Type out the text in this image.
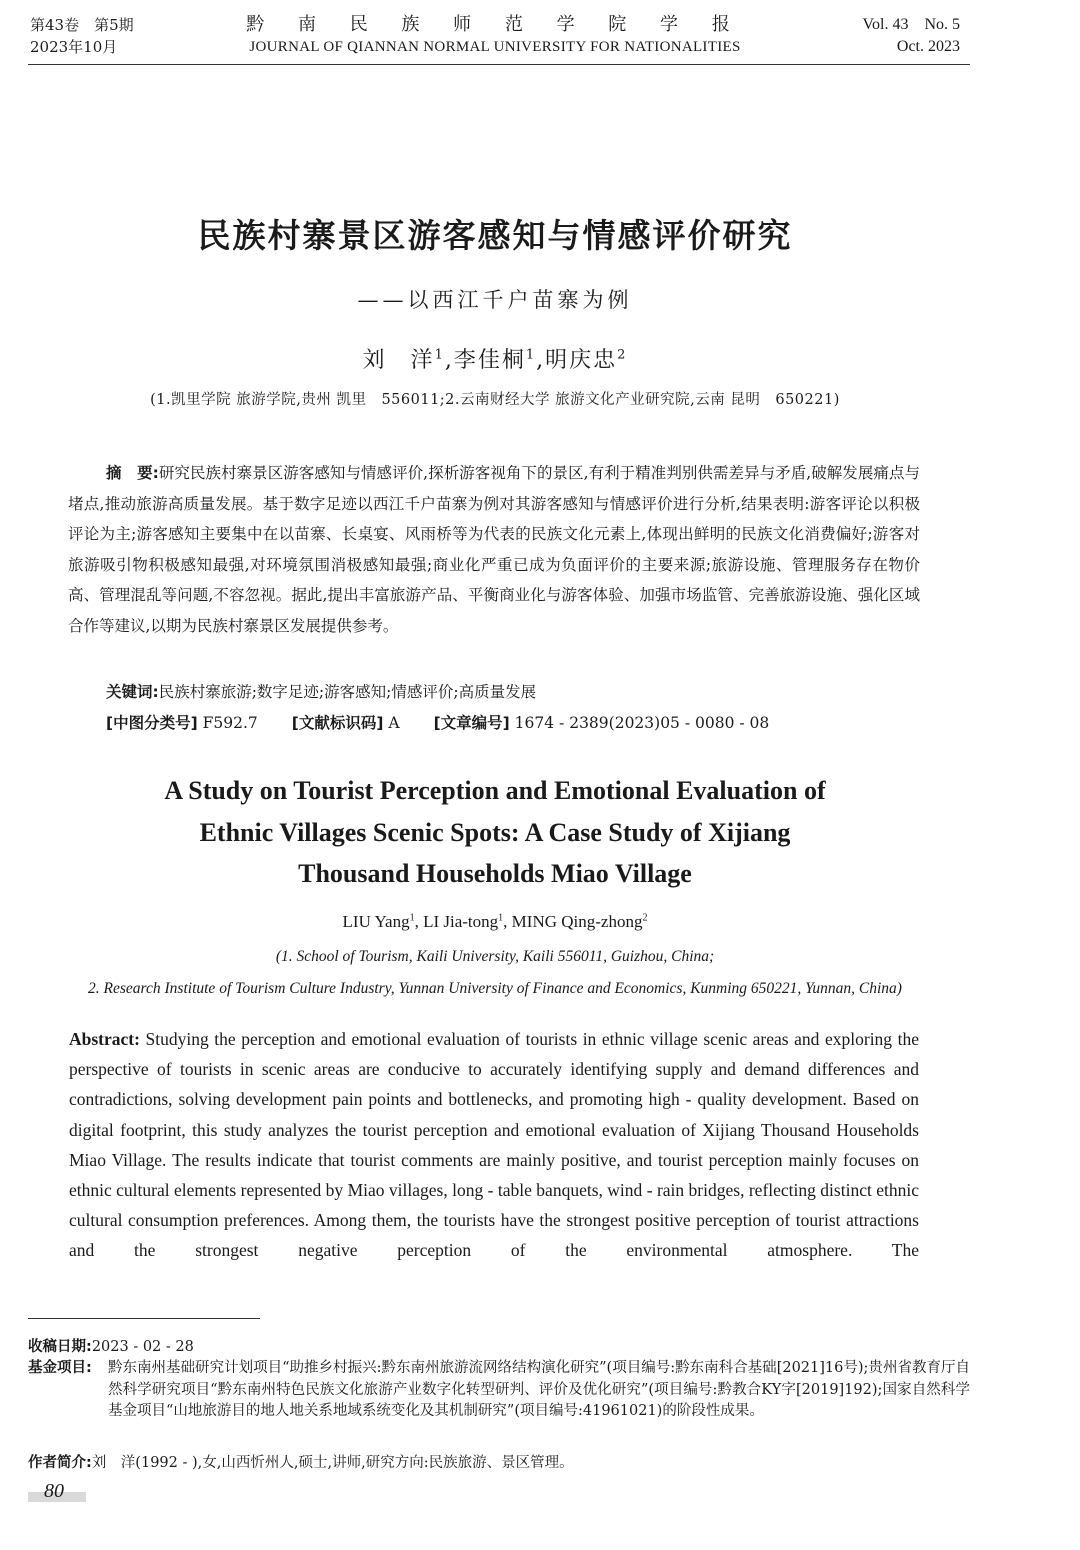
第43卷　第5期
2023年10月
黔 南 民 族 师 范 学 院 学 报
JOURNAL OF QIANNAN NORMAL UNIVERSITY FOR NATIONALITIES
Vol. 43　No. 5
Oct. 2023
民族村寨景区游客感知与情感评价研究
——以西江千户苗寨为例
刘　洋$^1$,李佳桐$^1$,明庆忠$^2$
(1.凯里学院 旅游学院,贵州 凯里　556011;2.云南财经大学 旅游文化产业研究院,云南 昆明　650221)
摘　要:研究民族村寨景区游客感知与情感评价,探析游客视角下的景区,有利于精准判别供需差异与矛盾,破解发展痛点与堵点,推动旅游高质量发展。基于数字足迹以西江千户苗寨为例对其游客感知与情感评价进行分析,结果表明:游客评论以积极评论为主;游客感知主要集中在以苗寨、长桌宴、风雨桥等为代表的民族文化元素上,体现出鲜明的民族文化消费偏好;游客对旅游吸引物积极感知最强,对环境氛围消极感知最强;商业化严重已成为负面评价的主要来源;旅游设施、管理服务存在物价高、管理混乱等问题,不容忽视。据此,提出丰富旅游产品、平衡商业化与游客体验、加强市场监管、完善旅游设施、强化区域合作等建议,以期为民族村寨景区发展提供参考。
关键词:民族村寨旅游;数字足迹;游客感知;情感评价;高质量发展
[中图分类号] F592.7 [文献标识码] A [文章编号] 1674 - 2389(2023)05 - 0080 - 08
A Study on Tourist Perception and Emotional Evaluation of
Ethnic Villages Scenic Spots: A Case Study of Xijiang
Thousand Households Miao Village
LIU Yang$^1$, LI Jia-tong$^1$, MING Qing-zhong$^2$
(1. School of Tourism, Kaili University, Kaili 556011, Guizhou, China;
2. Research Institute of Tourism Culture Industry, Yunnan University of Finance and Economics, Kunming 650221, Yunnan, China)
Abstract: Studying the perception and emotional evaluation of tourists in ethnic village scenic areas and exploring the perspective of tourists in scenic areas are conducive to accurately identifying supply and demand differences and contradictions, solving development pain points and bottlenecks, and promoting high - quality development. Based on digital footprint, this study analyzes the tourist perception and emotional evaluation of Xijiang Thousand Households Miao Village. The results indicate that tourist comments are mainly positive, and tourist perception mainly focuses on ethnic cultural elements represented by Miao villages, long - table banquets, wind - rain bridges, reflecting distinct ethnic cultural consumption preferences. Among them, the tourists have the strongest positive perception of tourist attractions and the strongest negative perception of the environmental atmosphere. The
收稿日期:2023 - 02 - 28
基金项目: 黔东南州基础研究计划项目“助推乡村振兴:黔东南州旅游流网络结构演化研究”(项目编号:黔东南科合基础[2021]16号);贵州省教育厅自然科学研究项目“黔东南州特色民族文化旅游产业数字化转型研判、评价及优化研究”(项目编号:黔教合KY字[2019]192);国家自然科学基金项目“山地旅游目的地人地关系地域系统变化及其机制研究”(项目编号:41961021)的阶段性成果。
作者简介:刘　洋(1992 - ),女,山西忻州人,硕士,讲师,研究方向:民族旅游、景区管理。
80
